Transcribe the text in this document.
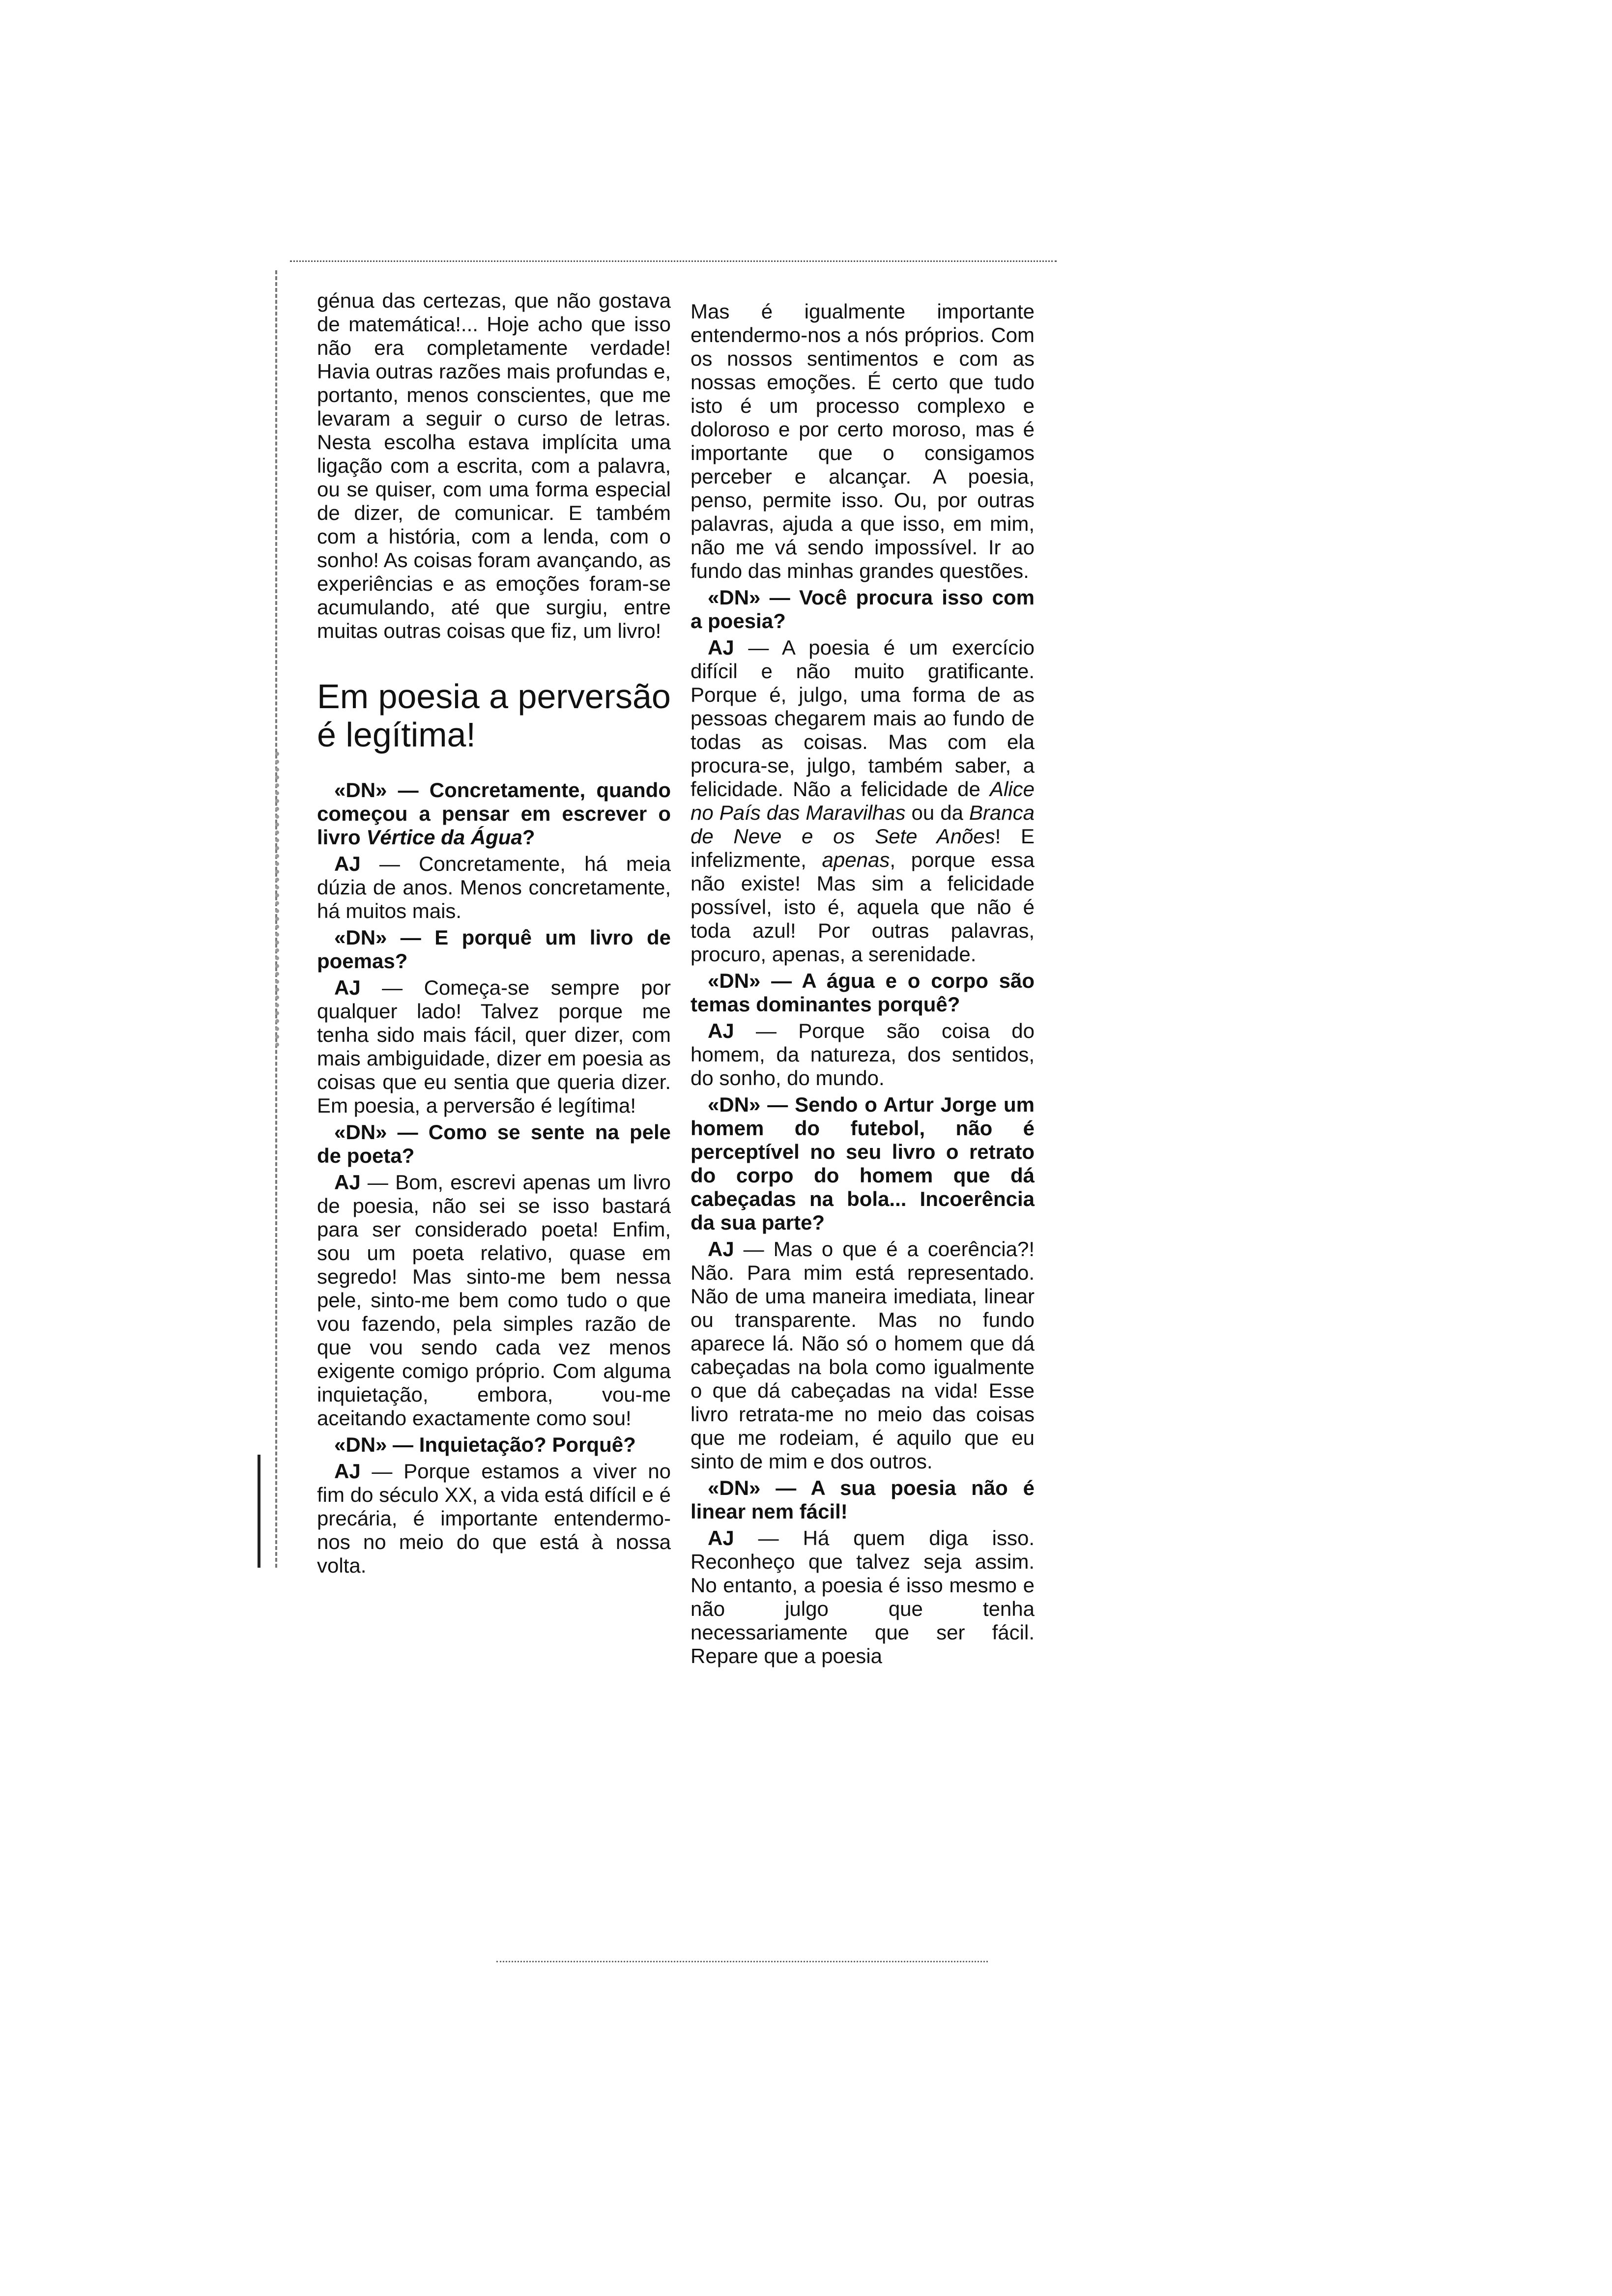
génua das certezas, que não gostava de matemática!... Hoje acho que isso não era completamente verdade! Havia outras razões mais profundas e, portanto, menos conscientes, que me levaram a seguir o curso de letras. Nesta escolha estava implícita uma ligação com a escrita, com a palavra, ou se quiser, com uma forma especial de dizer, de comunicar. E também com a história, com a lenda, com o sonho! As coisas foram avançando, as experiências e as emoções foram-se acumulando, até que surgiu, entre muitas outras coisas que fiz, um livro!

Em poesia a perversão é legítima!

«DN» — Concretamente, quando começou a pensar em escrever o livro Vértice da Água?

AJ — Concretamente, há meia dúzia de anos. Menos concretamente, há muitos mais.

«DN» — E porquê um livro de poemas?

AJ — Começa-se sempre por qualquer lado! Talvez porque me tenha sido mais fácil, quer dizer, com mais ambiguidade, dizer em poesia as coisas que eu sentia que queria dizer. Em poesia, a perversão é legítima!

«DN» — Como se sente na pele de poeta?

AJ — Bom, escrevi apenas um livro de poesia, não sei se isso bastará para ser considerado poeta! Enfim, sou um poeta relativo, quase em segredo! Mas sinto-me bem nessa pele, sinto-me bem como tudo o que vou fazendo, pela simples razão de que vou sendo cada vez menos exigente comigo próprio. Com alguma inquietação, embora, vou-me aceitando exactamente como sou!

«DN» — Inquietação? Porquê?

AJ — Porque estamos a viver no fim do século XX, a vida está difícil e é precária, é importante entendermo-nos no meio do que está à nossa volta.

Mas é igualmente importante entendermo-nos a nós próprios. Com os nossos sentimentos e com as nossas emoções. É certo que tudo isto é um processo complexo e doloroso e por certo moroso, mas é importante que o consigamos perceber e alcançar. A poesia, penso, permite isso. Ou, por outras palavras, ajuda a que isso, em mim, não me vá sendo impossível. Ir ao fundo das minhas grandes questões.

«DN» — Você procura isso com a poesia?

AJ — A poesia é um exercício difícil e não muito gratificante. Porque é, julgo, uma forma de as pessoas chegarem mais ao fundo de todas as coisas. Mas com ela procura-se, julgo, também saber, a felicidade. Não a felicidade de Alice no País das Maravilhas ou da Branca de Neve e os Sete Anões! E infelizmente, apenas, porque essa não existe! Mas sim a felicidade possível, isto é, aquela que não é toda azul! Por outras palavras, procuro, apenas, a serenidade.

«DN» — A água e o corpo são temas dominantes porquê?

AJ — Porque são coisa do homem, da natureza, dos sentidos, do sonho, do mundo.

«DN» — Sendo o Artur Jorge um homem do futebol, não é perceptível no seu livro o retrato do corpo do homem que dá cabeçadas na bola... Incoerência da sua parte?

AJ — Mas o que é a coerência?! Não. Para mim está representado. Não de uma maneira imediata, linear ou transparente. Mas no fundo aparece lá. Não só o homem que dá cabeçadas na bola como igualmente o que dá cabeçadas na vida! Esse livro retrata-me no meio das coisas que me rodeiam, é aquilo que eu sinto de mim e dos outros.

«DN» — A sua poesia não é linear nem fácil!

AJ — Há quem diga isso. Reconheço que talvez seja assim. No entanto, a poesia é isso mesmo e não julgo que tenha necessariamente que ser fácil. Repare que a poesia
